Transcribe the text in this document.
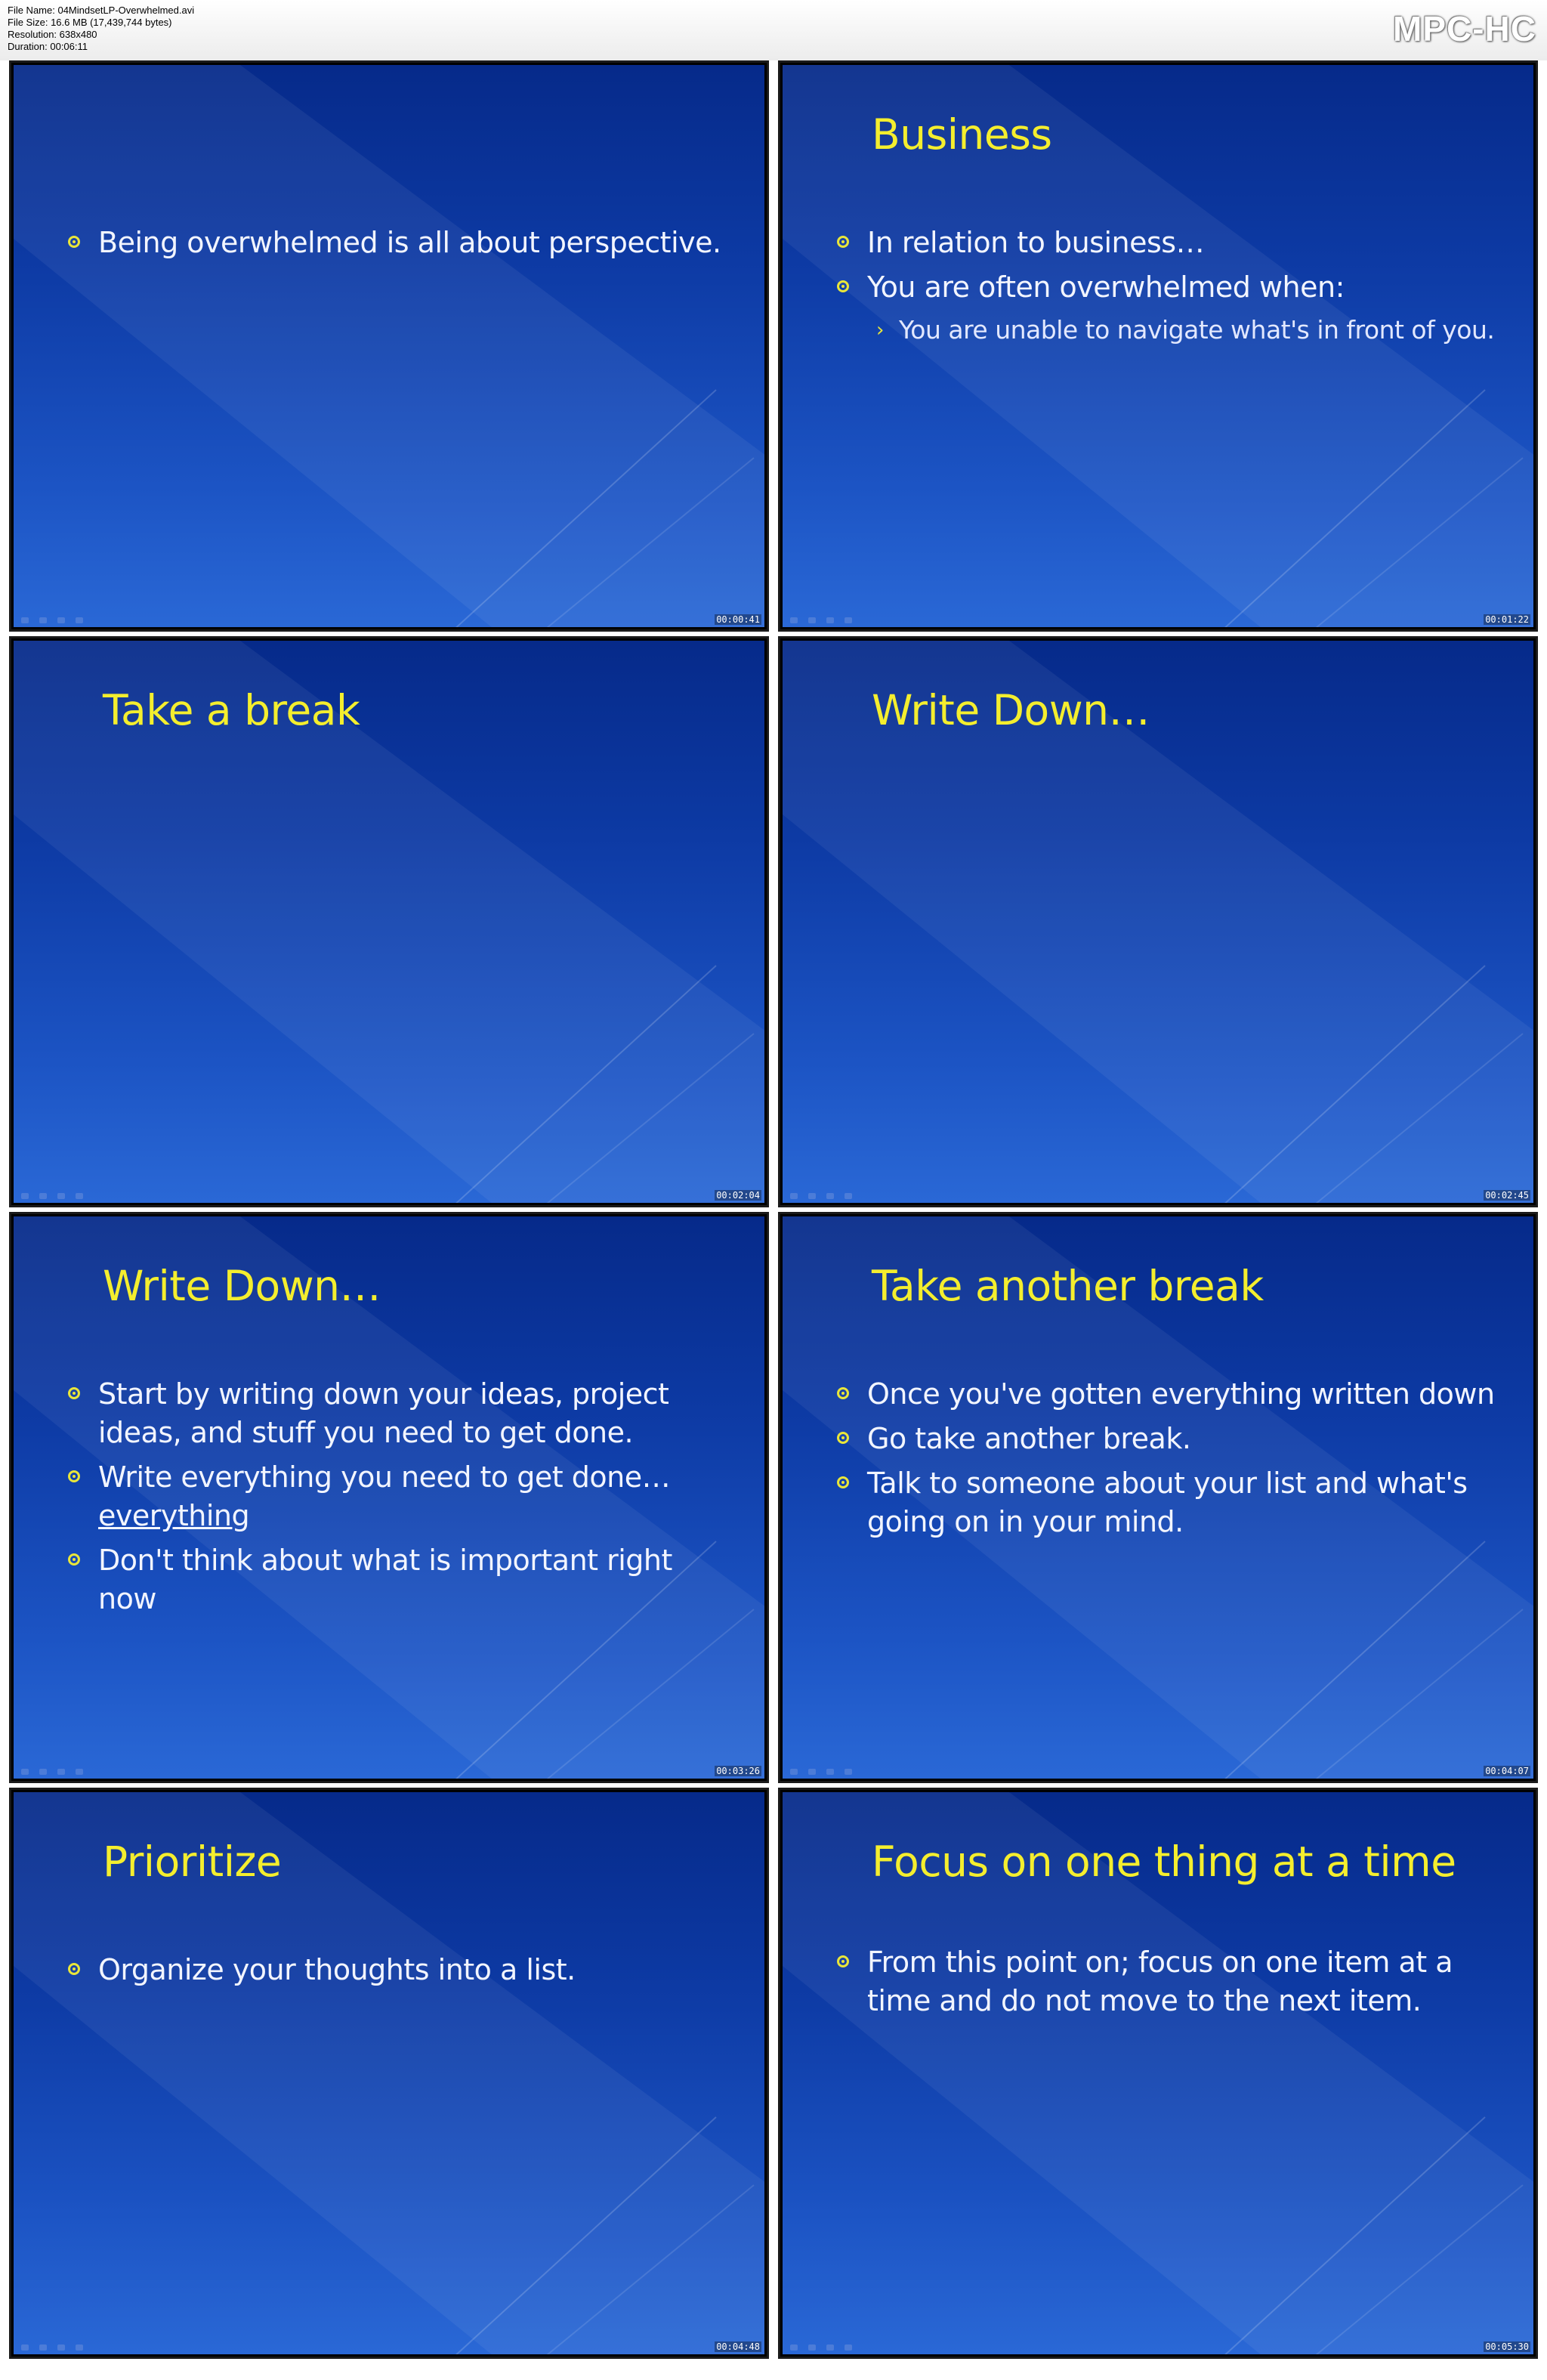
File Name: 04MindsetLP-Overwhelmed.avi
File Size: 16.6 MB (17,439,744 bytes)
Resolution: 638x480
Duration: 00:06:11	MPC-HC
Being overwhelmed is all about perspective.
00:00:41
Business
In relation to business…
You are often overwhelmed when:
› You are unable to navigate what's in front of you.
00:01:22
Take a break
00:02:04
Write Down…
00:02:45
Write Down…
Start by writing down your ideas, project ideas, and stuff you need to get done.
Write everything you need to get done…everything
Don't think about what is important right now
00:03:26
Take another break
Once you've gotten everything written down
Go take another break.
Talk to someone about your list and what's going on in your mind.
00:04:07
Prioritize
Organize your thoughts into a list.
00:04:48
Focus on one thing at a time
From this point on; focus on one item at a time and do not move to the next item.
00:05:30
